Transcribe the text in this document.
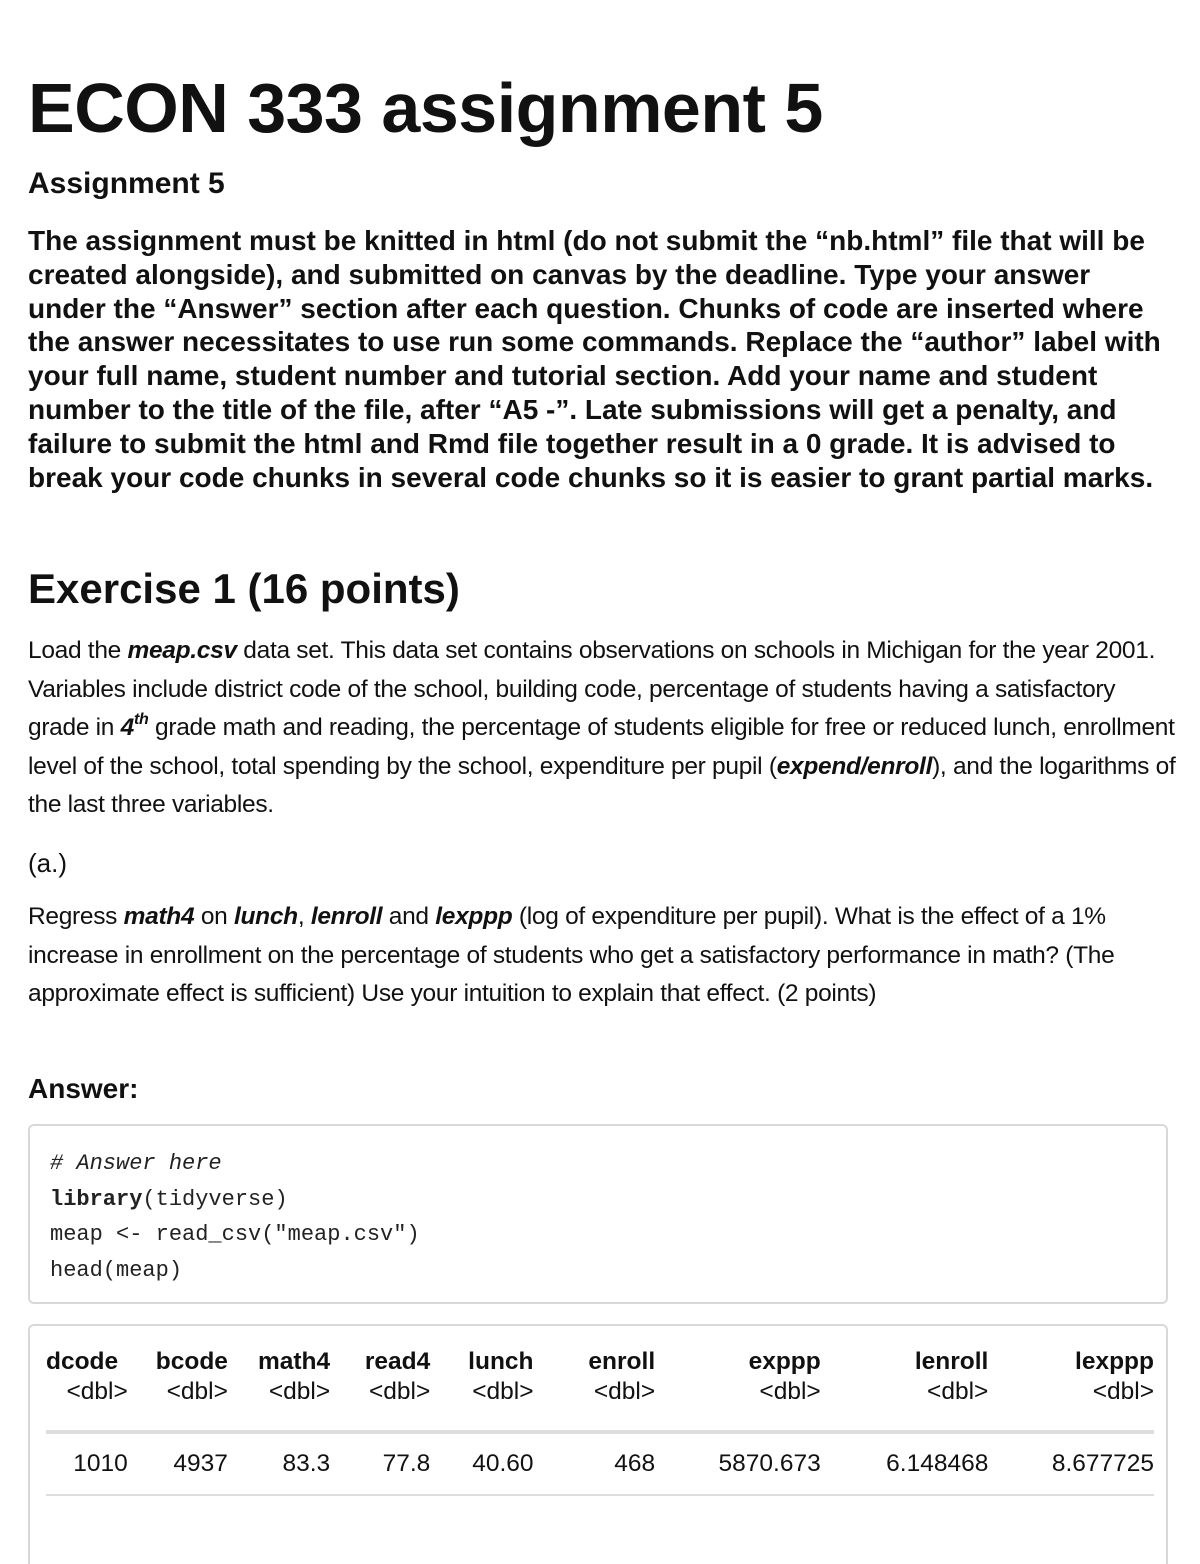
ECON 333 assignment 5
Assignment 5
The assignment must be knitted in html (do not submit the “nb.html” file that will be created alongside), and submitted on canvas by the deadline. Type your answer under the “Answer” section after each question. Chunks of code are inserted where the answer necessitates to use run some commands. Replace the “author” label with your full name, student number and tutorial section. Add your name and student number to the title of the file, after “A5 -”. Late submissions will get a penalty, and failure to submit the html and Rmd file together result in a 0 grade. It is advised to break your code chunks in several code chunks so it is easier to grant partial marks.
Exercise 1 (16 points)
Load the meap.csv data set. This data set contains observations on schools in Michigan for the year 2001. Variables include district code of the school, building code, percentage of students having a satisfactory grade in 4th grade math and reading, the percentage of students eligible for free or reduced lunch, enrollment level of the school, total spending by the school, expenditure per pupil (expend/enroll), and the logarithms of the last three variables.
(a.)
Regress math4 on lunch, lenroll and lexppp (log of expenditure per pupil). What is the effect of a 1% increase in enrollment on the percentage of students who get a satisfactory performance in math? (The approximate effect is sufficient) Use your intuition to explain that effect. (2 points)
Answer:
# Answer here
library(tidyverse)
meap <- read_csv("meap.csv")
head(meap)
dcode	bcode	math4	read4	lunch	enroll	exppp	lenroll	lexppp
<dbl>	<dbl>	<dbl>	<dbl>	<dbl>	<dbl>	<dbl>	<dbl>	<dbl>

1010	4937	83.3	77.8	40.60	468	5870.673	6.148468	8.677725
